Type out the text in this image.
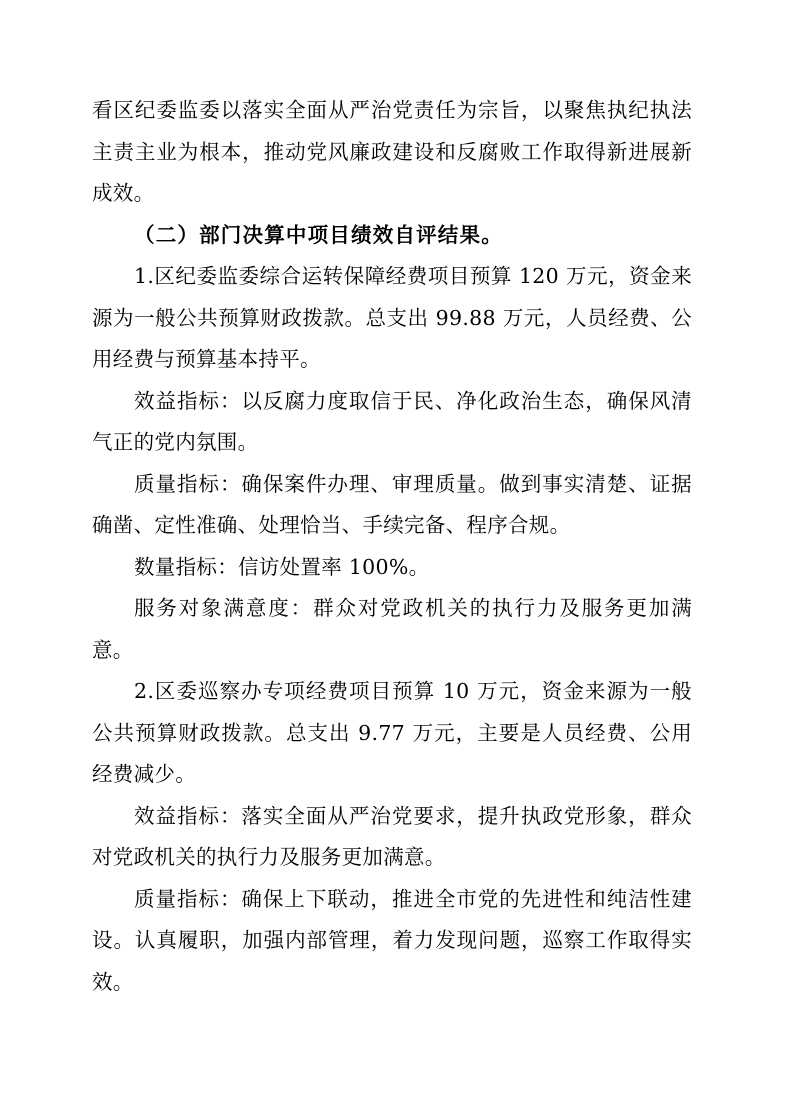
看区纪委监委以落实全面从严治党责任为宗旨，以聚焦执纪执法主责主业为根本，推动党风廉政建设和反腐败工作取得新进展新成效。

（二）部门决算中项目绩效自评结果。

1.区纪委监委综合运转保障经费项目预算 120 万元，资金来源为一般公共预算财政拨款。总支出 99.88 万元，人员经费、公用经费与预算基本持平。

效益指标：以反腐力度取信于民、净化政治生态，确保风清气正的党内氛围。

质量指标：确保案件办理、审理质量。做到事实清楚、证据确凿、定性准确、处理恰当、手续完备、程序合规。

数量指标：信访处置率 100%。

服务对象满意度：群众对党政机关的执行力及服务更加满意。

2.区委巡察办专项经费项目预算 10 万元，资金来源为一般公共预算财政拨款。总支出 9.77 万元，主要是人员经费、公用经费减少。

效益指标：落实全面从严治党要求，提升执政党形象，群众对党政机关的执行力及服务更加满意。

质量指标：确保上下联动，推进全市党的先进性和纯洁性建设。认真履职，加强内部管理，着力发现问题，巡察工作取得实效。
